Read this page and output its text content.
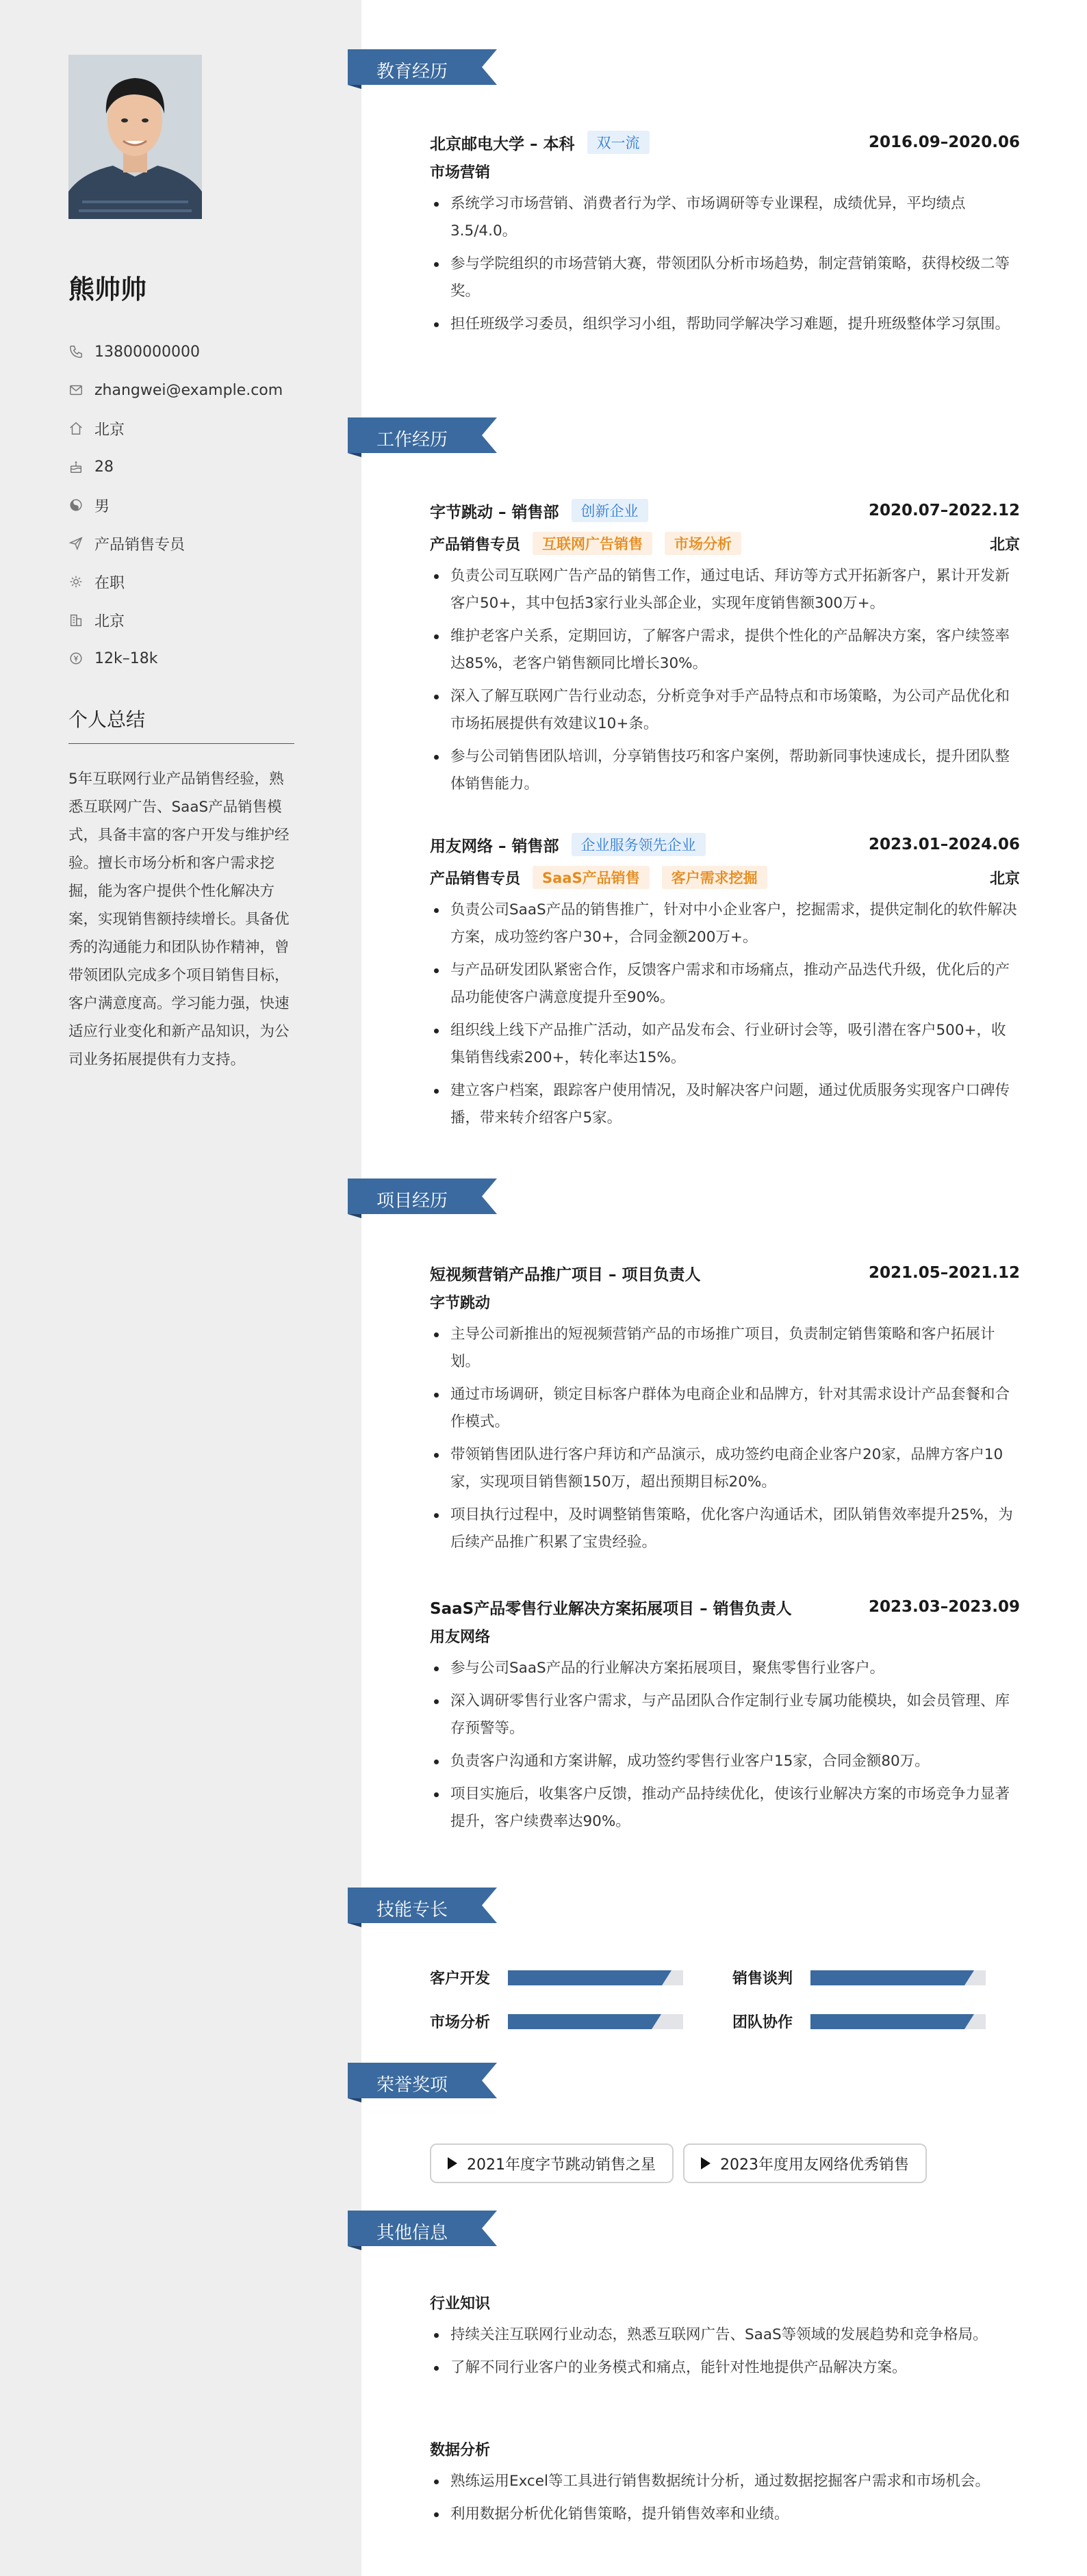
熊帅帅
13800000000
zhangwei@example.com
北京
28
男
产品销售专员
在职
北京
12k–18k
个人总结
5年互联网行业产品销售经验，熟悉互联网广告、SaaS产品销售模式，具备丰富的客户开发与维护经验。擅长市场分析和客户需求挖掘，能为客户提供个性化解决方案，实现销售额持续增长。具备优秀的沟通能力和团队协作精神，曾带领团队完成多个项目销售目标，客户满意度高。学习能力强，快速适应行业变化和新产品知识，为公司业务拓展提供有力支持。
教育经历
工作经历
项目经历
技能专长
荣誉奖项
其他信息
北京邮电大学 – 本科	双一流	2016.09–2020.06
市场营销
系统学习市场营销、消费者行为学、市场调研等专业课程，成绩优异，平均绩点3.5/4.0。
参与学院组织的市场营销大赛，带领团队分析市场趋势，制定营销策略，获得校级二等奖。
担任班级学习委员，组织学习小组，帮助同学解决学习难题，提升班级整体学习氛围。
字节跳动 – 销售部	创新企业	2020.07–2022.12
产品销售专员	互联网广告销售	市场分析	北京
负责公司互联网广告产品的销售工作，通过电话、拜访等方式开拓新客户，累计开发新客户50+，其中包括3家行业头部企业，实现年度销售额300万+。
维护老客户关系，定期回访，了解客户需求，提供个性化的产品解决方案，客户续签率达85%，老客户销售额同比增长30%。
深入了解互联网广告行业动态，分析竞争对手产品特点和市场策略，为公司产品优化和市场拓展提供有效建议10+条。
参与公司销售团队培训，分享销售技巧和客户案例，帮助新同事快速成长，提升团队整体销售能力。
用友网络 – 销售部	企业服务领先企业	2023.01–2024.06
产品销售专员	SaaS产品销售	客户需求挖掘	北京
负责公司SaaS产品的销售推广，针对中小企业客户，挖掘需求，提供定制化的软件解决方案，成功签约客户30+，合同金额200万+。
与产品研发团队紧密合作，反馈客户需求和市场痛点，推动产品迭代升级，优化后的产品功能使客户满意度提升至90%。
组织线上线下产品推广活动，如产品发布会、行业研讨会等，吸引潜在客户500+，收集销售线索200+，转化率达15%。
建立客户档案，跟踪客户使用情况，及时解决客户问题，通过优质服务实现客户口碑传播，带来转介绍客户5家。
短视频营销产品推广项目 – 项目负责人	2021.05–2021.12
字节跳动
主导公司新推出的短视频营销产品的市场推广项目，负责制定销售策略和客户拓展计划。
通过市场调研，锁定目标客户群体为电商企业和品牌方，针对其需求设计产品套餐和合作模式。
带领销售团队进行客户拜访和产品演示，成功签约电商企业客户20家，品牌方客户10家，实现项目销售额150万，超出预期目标20%。
项目执行过程中，及时调整销售策略，优化客户沟通话术，团队销售效率提升25%，为后续产品推广积累了宝贵经验。
SaaS产品零售行业解决方案拓展项目 – 销售负责人	2023.03–2023.09
用友网络
参与公司SaaS产品的行业解决方案拓展项目，聚焦零售行业客户。
深入调研零售行业客户需求，与产品团队合作定制行业专属功能模块，如会员管理、库存预警等。
负责客户沟通和方案讲解，成功签约零售行业客户15家，合同金额80万。
项目实施后，收集客户反馈，推动产品持续优化，使该行业解决方案的市场竞争力显著提升，客户续费率达90%。
客户开发	销售谈判
市场分析	团队协作
2021年度字节跳动销售之星	2023年度用友网络优秀销售
行业知识
持续关注互联网行业动态，熟悉互联网广告、SaaS等领域的发展趋势和竞争格局。
了解不同行业客户的业务模式和痛点，能针对性地提供产品解决方案。
数据分析
熟练运用Excel等工具进行销售数据统计分析，通过数据挖掘客户需求和市场机会。
利用数据分析优化销售策略，提升销售效率和业绩。
